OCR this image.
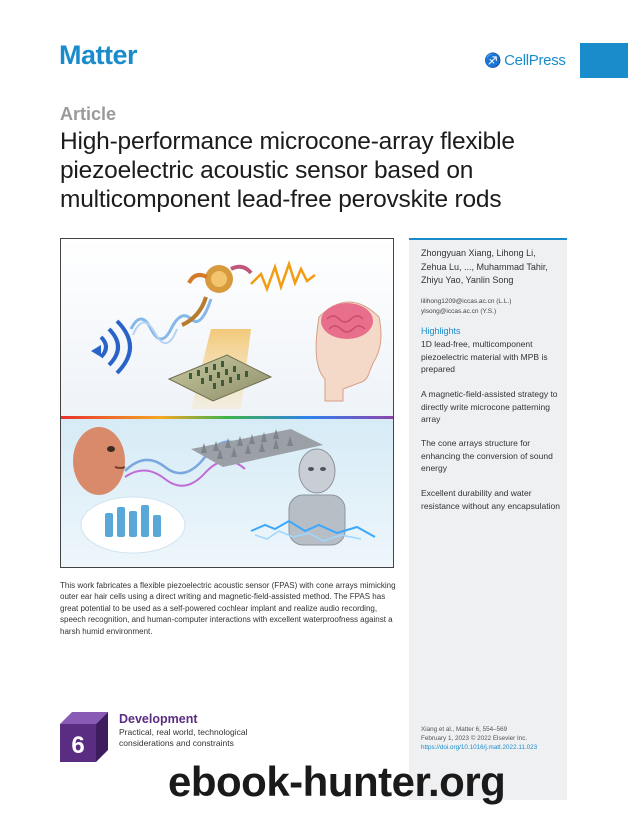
Matter	♐ CellPress
Article
High-performance microcone-array flexible piezoelectric acoustic sensor based on multicomponent lead-free perovskite rods
This work fabricates a flexible piezoelectric acoustic sensor (FPAS) with cone arrays mimicking outer ear hair cells using a direct writing and magnetic-field-assisted method. The FPAS has great potential to be used as a self-powered cochlear implant and realize audio recording, speech recognition, and human-computer interactions with excellent waterproofness against a harsh humid environment.
Zhongyuan Xiang, Lihong Li, Zehua Lu, ..., Muhammad Tahir, Zhiyu Yao, Yanlin Song
lilihong1209@iccas.ac.cn (L.L.)
ylsong@iccas.ac.cn (Y.S.)
Highlights
1D lead-free, multicomponent piezoelectric material with MPB is prepared
A magnetic-field-assisted strategy to directly write microcone patterning array
The cone arrays structure for enhancing the conversion of sound energy
Excellent durability and water resistance without any encapsulation
Xiang et al., Matter 6, 554–569
February 1, 2023 © 2022 Elsevier Inc.
https://doi.org/10.1016/j.matt.2022.11.023
6
Development
Practical, real world, technological considerations and constraints
ebook-hunter.org
